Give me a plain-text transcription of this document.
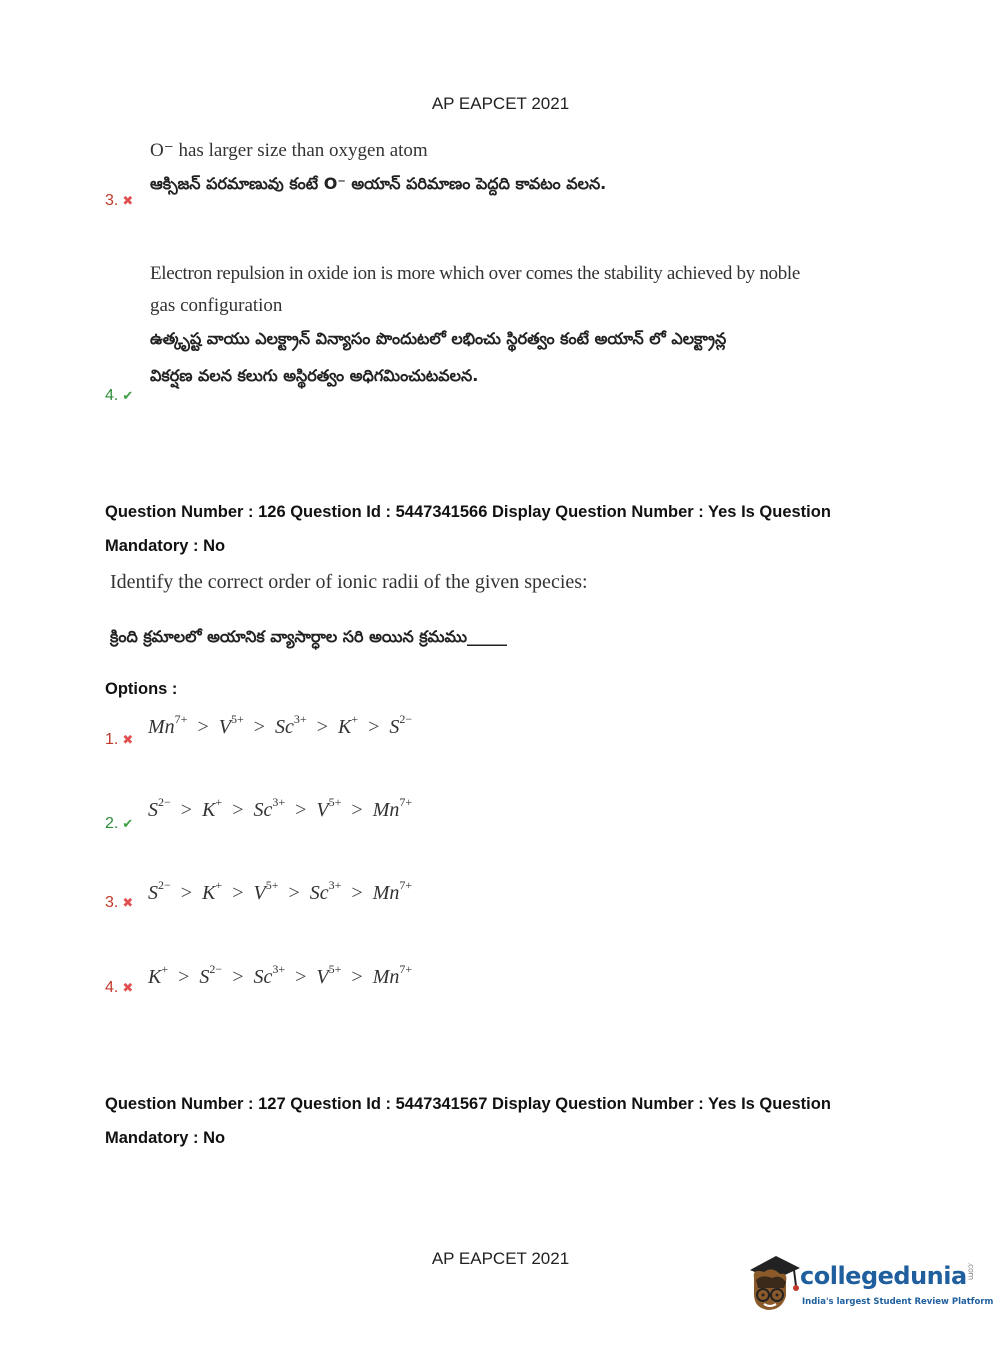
AP EAPCET 2021
O⁻ has larger size than oxygen atom
ఆక్సిజన్ పరమాణువు కంటే O⁻ అయాన్ పరిమాణం పెద్దది కావటం వలన.
3. ✖
Electron repulsion in oxide ion is more which over comes the stability achieved by noble
gas configuration
ఉత్కృష్ట వాయు ఎలక్ట్రాన్ విన్యాసం పొందుటలో లభించు స్థిరత్వం కంటే అయాన్ లో ఎలక్ట్రాన్ల
వికర్షణ వలన కలుగు అస్థిరత్వం అధిగమించుటవలన.
4. ✔
Question Number : 126 Question Id : 5447341566 Display Question Number : Yes Is Question
Mandatory : No
Identify the correct order of ionic radii of the given species:
క్రింది క్రమాలలో అయానిక వ్యాసార్ధాల సరి అయిన క్రమము_____
Options :
1. ✖
$Mn^{7+} > V^{5+} > Sc^{3+} > K^+ > S^{2-}$
2. ✔
$S^{2-} > K^+ > Sc^{3+} > V^{5+} > Mn^{7+}$
3. ✖ $S^{2-} > K^+ > V^{5+} > Sc^{3+} > Mn^{7+}$
4. ✖ $K^+ > S^{2-} > Sc^{3+} > V^{5+} > Mn^{7+}$
Question Number : 127 Question Id : 5447341567 Display Question Number : Yes Is Question
Mandatory : No
AP EAPCET 2021
collegedunia.com
India's largest Student Review Platform
